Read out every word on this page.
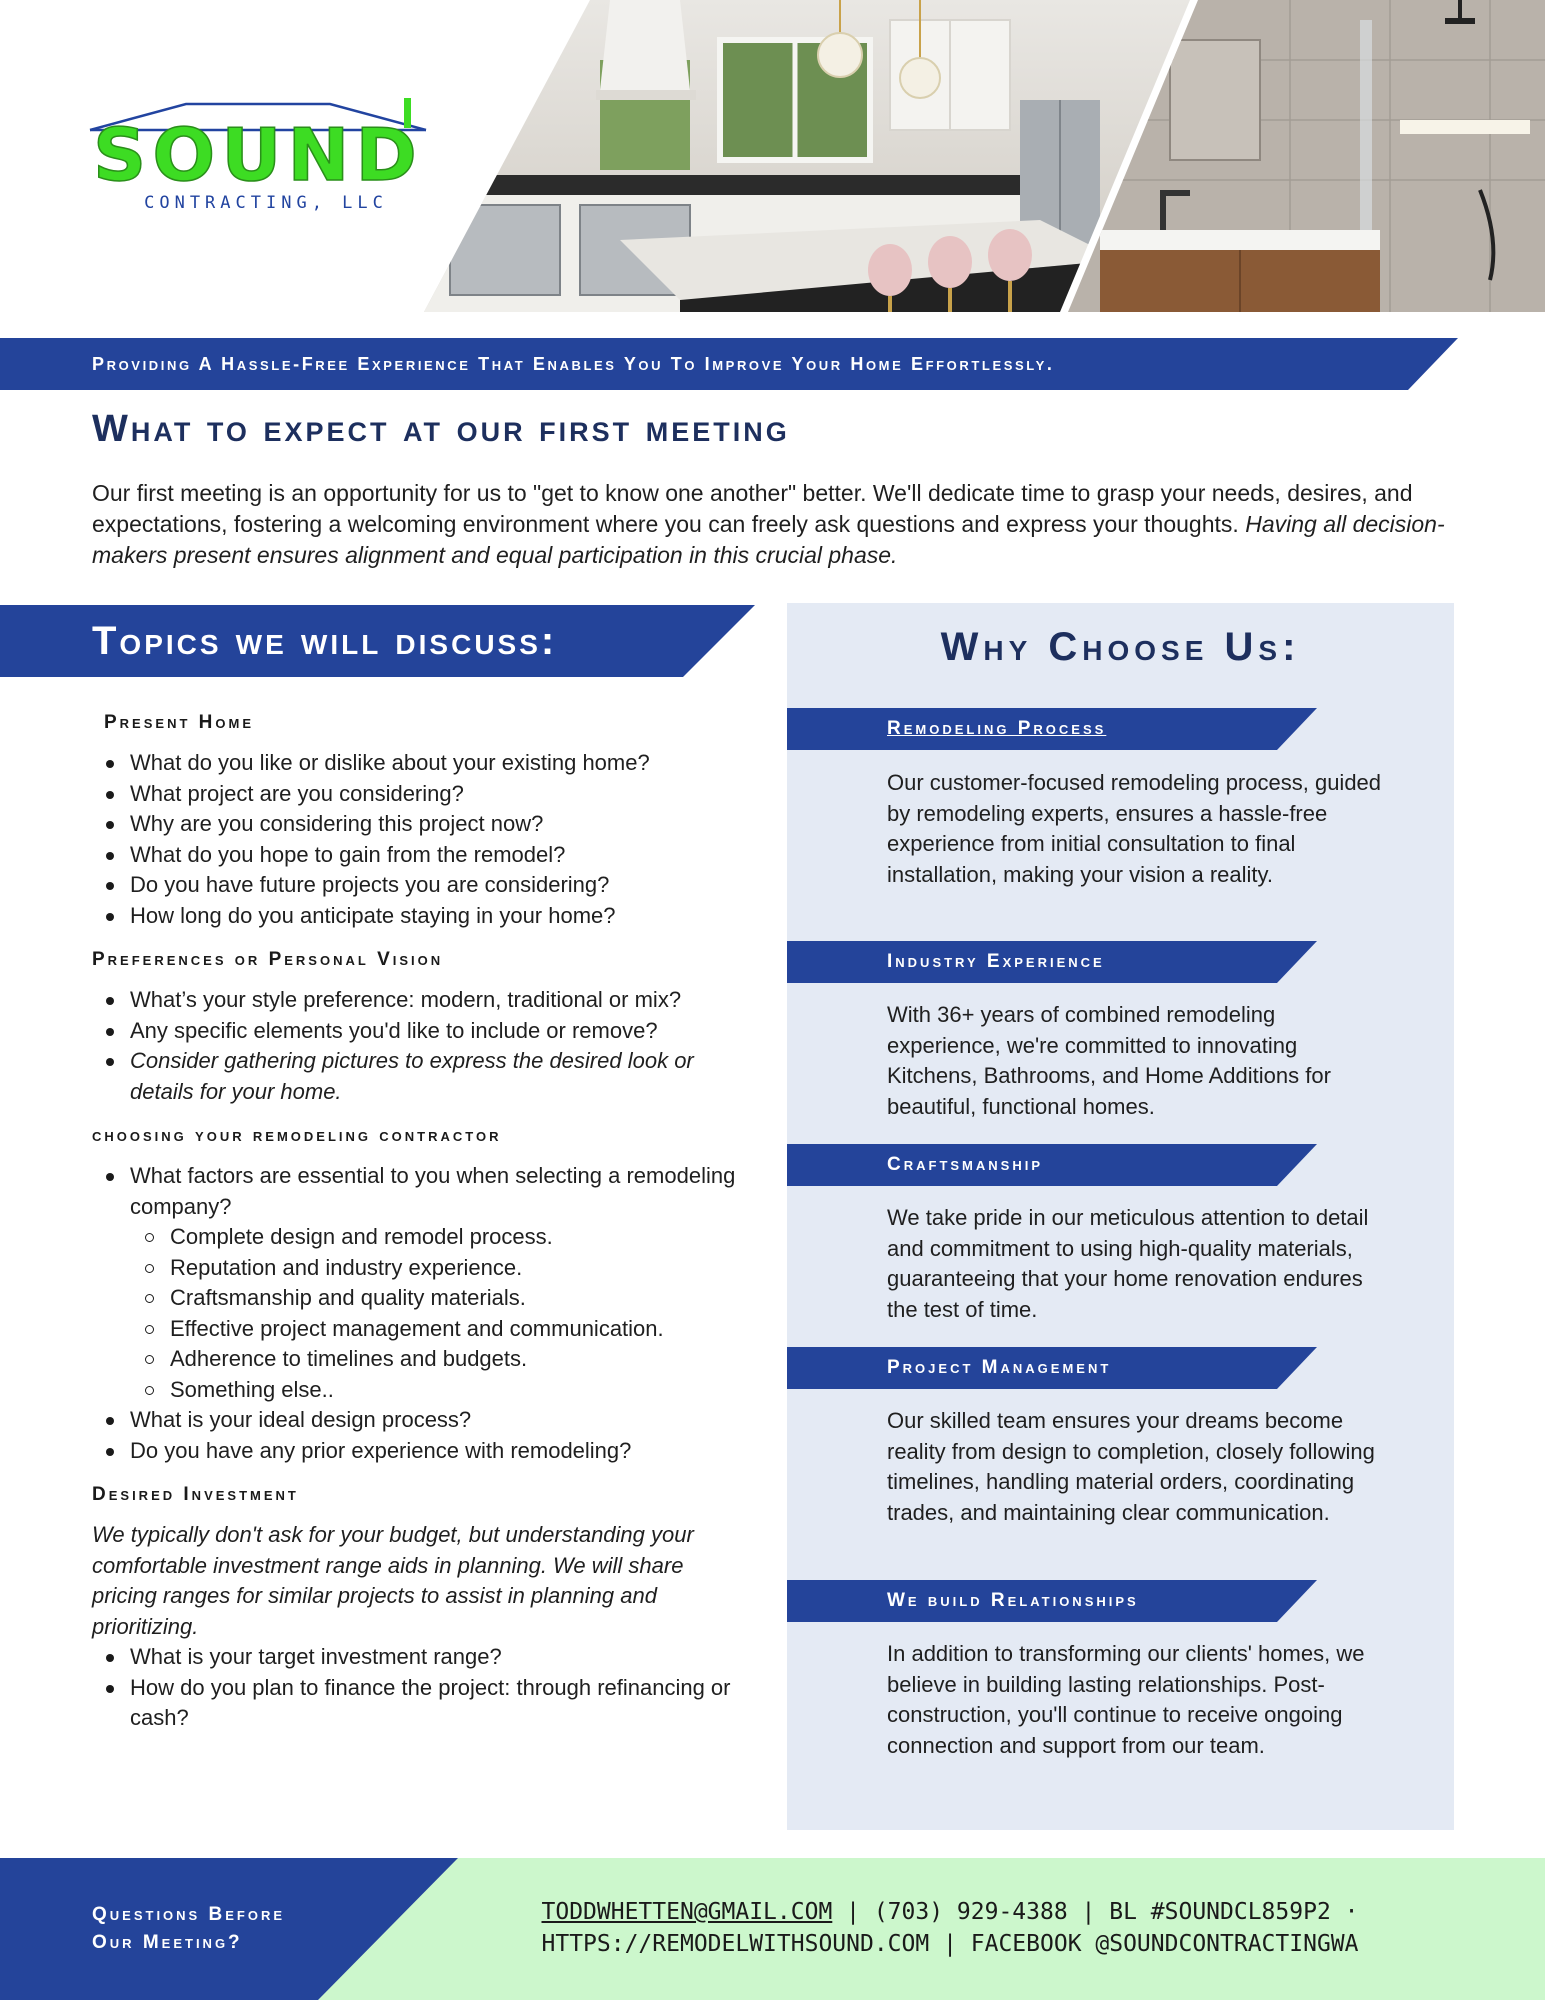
SOUND
CONTRACTING, LLC
Providing A Hassle-Free Experience That Enables You To Improve Your Home Effortlessly.
What to expect at our first meeting
Our first meeting is an opportunity for us to "get to know one another" better. We'll dedicate time to grasp your needs, desires, and expectations, fostering a welcoming environment where you can freely ask questions and express your thoughts. Having all decision-makers present ensures alignment and equal participation in this crucial phase.
Topics we will discuss:
Present Home
What do you like or dislike about your existing home?
What project are you considering?
Why are you considering this project now?
What do you hope to gain from the remodel?
Do you have future projects you are considering?
How long do you anticipate staying in your home?
Preferences or Personal Vision
What’s your style preference: modern, traditional or mix?
Any specific elements you'd like to include or remove?
Consider gathering pictures to express the desired look or details for your home.
choosing your remodeling contractor
What factors are essential to you when selecting a remodeling company?
Complete design and remodel process.
Reputation and industry experience.
Craftsmanship and quality materials.
Effective project management and communication.
Adherence to timelines and budgets.
Something else..
What is your ideal design process?
Do you have any prior experience with remodeling?
Desired Investment
We typically don't ask for your budget, but understanding your comfortable investment range aids in planning. We will share pricing ranges for similar projects to assist in planning and prioritizing.
What is your target investment range?
How do you plan to finance the project: through refinancing or cash?
Why Choose Us:
Remodeling Process
Our customer-focused remodeling process, guided by remodeling experts, ensures a hassle-free experience from initial consultation to final installation, making your vision a reality.
Industry Experience
With 36+ years of combined remodeling experience, we're committed to innovating Kitchens, Bathrooms, and Home Additions for beautiful, functional homes.
Craftsmanship
We take pride in our meticulous attention to detail and commitment to using high-quality materials, guaranteeing that your home renovation endures the test of time.
Project Management
Our skilled team ensures your dreams become reality from design to completion, closely following timelines, handling material orders, coordinating trades, and maintaining clear communication.
We build Relationships
In addition to transforming our clients' homes, we believe in building lasting relationships. Post-construction, you'll continue to receive ongoing connection and support from our team.
Questions Before
Our Meeting?
TODDWHETTEN@GMAIL.COM | (703) 929-4388 | BL #SOUNDCL859P2 ·
HTTPS://REMODELWITHSOUND.COM | FACEBOOK @SOUNDCONTRACTINGWA
